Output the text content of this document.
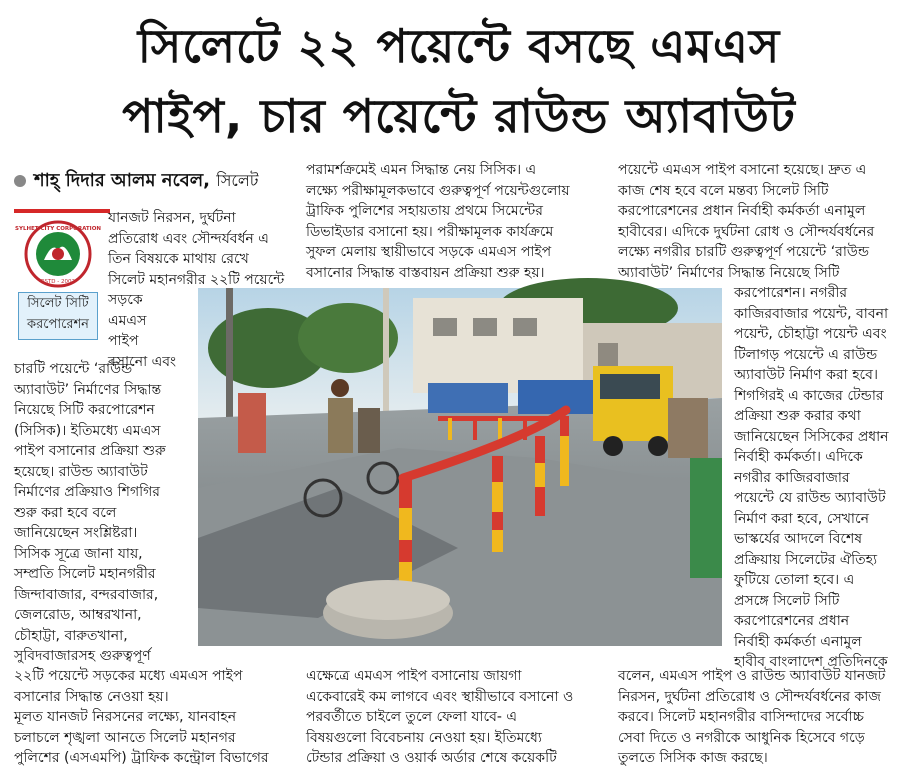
সিলেটে ২২ পয়েন্টে বসছে এমএস
পাইপ, চার পয়েন্টে রাউন্ড অ্যাবাউট
শাহ্ দিদার আলম নবেল, সিলেট
SYLHET CITY CORPORATION
ESTD - 2002
সিলেট সিটি
করপোরেশন

যানজট নিরসন, দুর্ঘটনা

প্রতিরোধ এবং সৌন্দর্যবর্ধন এ

তিন বিষয়কে মাথায় রেখে

সিলেট মহানগরীর ২২টি পয়েন্টে

সড়কে

এমএস

পাইপ

বসানো এবং

চারটি পয়েন্টে ‘রাউন্ড

অ্যাবাউট’ নির্মাণের সিদ্ধান্ত

নিয়েছে সিটি করপোরেশন

(সিসিক)। ইতিমধ্যে এমএস

পাইপ বসানোর প্রক্রিয়া শুরু

হয়েছে। রাউন্ড অ্যাবাউট

নির্মাণের প্রক্রিয়াও শিগগির

শুরু করা হবে বলে

জানিয়েছেন সংশ্লিষ্টরা।

সিসিক সূত্রে জানা যায়,

সম্প্রতি সিলেট মহানগরীর

জিন্দাবাজার, বন্দরবাজার,

জেলরোড, আম্বরখানা,

চৌহাট্টা, বারুতখানা,

সুবিদবাজারসহ গুরুত্বপূর্ণ

২২টি পয়েন্টে সড়কের মধ্যে এমএস পাইপ

বসানোর সিদ্ধান্ত নেওয়া হয়।

মূলত যানজট নিরসনের লক্ষ্যে, যানবাহন

চলাচলে শৃঙ্খলা আনতে সিলেট মহানগর

পুলিশের (এসএমপি) ট্রাফিক কন্ট্রোল বিভাগের

পরামর্শক্রমেই এমন সিদ্ধান্ত নেয় সিসিক। এ

লক্ষ্যে পরীক্ষামূলকভাবে গুরুত্বপূর্ণ পয়েন্টগুলোয়

ট্রাফিক পুলিশের সহায়তায় প্রথমে সিমেন্টের

ডিভাইডার বসানো হয়। পরীক্ষামূলক কার্যক্রমে

সুফল মেলায় স্থায়ীভাবে সড়কে এমএস পাইপ

বসানোর সিদ্ধান্ত বাস্তবায়ন প্রক্রিয়া শুরু হয়।

এক্ষেত্রে এমএস পাইপ বসানোয় জায়গা

একেবারেই কম লাগবে এবং স্থায়ীভাবে বসানো ও

পরবর্তীতে চাইলে তুলে ফেলা যাবে- এ

বিষয়গুলো বিবেচনায় নেওয়া হয়। ইতিমধ্যে

টেন্ডার প্রক্রিয়া ও ওয়ার্ক অর্ডার শেষে কয়েকটি

পয়েন্টে এমএস পাইপ বসানো হয়েছে। দ্রুত এ

কাজ শেষ হবে বলে মন্তব্য সিলেট সিটি

করপোরেশনের প্রধান নির্বাহী কর্মকর্তা এনামুল

হাবীবের। এদিকে দুর্ঘটনা রোধ ও সৌন্দর্যবর্ধনের

লক্ষ্যে নগরীর চারটি গুরুত্বপূর্ণ পয়েন্টে ‘রাউন্ড

অ্যাবাউট’ নির্মাণের সিদ্ধান্ত নিয়েছে সিটি

করপোরেশন। নগরীর

কাজিরবাজার পয়েন্ট, বাবনা

পয়েন্ট, চৌহাট্টা পয়েন্ট এবং

টিলাগড় পয়েন্টে এ রাউন্ড

অ্যাবাউট নির্মাণ করা হবে।

শিগগিরই এ কাজের টেন্ডার

প্রক্রিয়া শুরু করার কথা

জানিয়েছেন সিসিকের প্রধান

নির্বাহী কর্মকর্তা। এদিকে

নগরীর কাজিরবাজার

পয়েন্টে যে রাউন্ড অ্যাবাউট

নির্মাণ করা হবে, সেখানে

ভাস্কর্যের আদলে বিশেষ

প্রক্রিয়ায় সিলেটের ঐতিহ্য

ফুটিয়ে তোলা হবে। এ

প্রসঙ্গে সিলেট সিটি

করপোরেশনের প্রধান

নির্বাহী কর্মকর্তা এনামুল

হাবীব বাংলাদেশ প্রতিদিনকে

বলেন, এমএস পাইপ ও রাউন্ড অ্যাবাউট যানজট

নিরসন, দুর্ঘটনা প্রতিরোধ ও সৌন্দর্যবর্ধনের কাজ

করবে। সিলেট মহানগরীর বাসিন্দাদের সর্বোচ্চ

সেবা দিতে ও নগরীকে আধুনিক হিসেবে গড়ে

তুলতে সিসিক কাজ করছে।
